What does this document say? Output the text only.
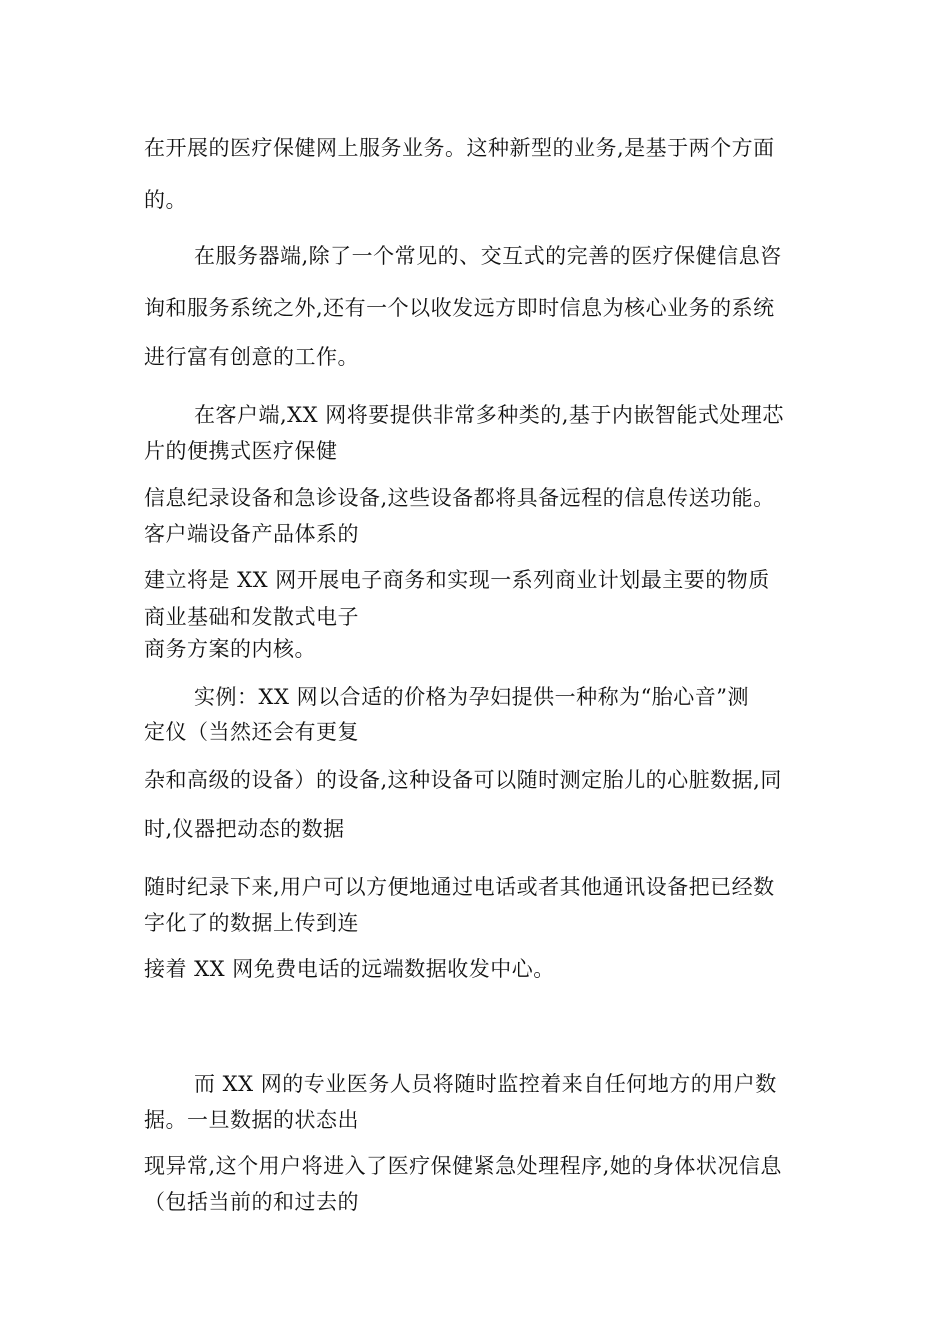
在开展的医疗保健网上服务业务。这种新型的业务,是基于两个方面
的。
在服务器端,除了一个常见的、交互式的完善的医疗保健信息咨
询和服务系统之外,还有一个以收发远方即时信息为核心业务的系统
进行富有创意的工作。
在客户端,XX 网将要提供非常多种类的,基于内嵌智能式处理芯
片的便携式医疗保健
信息纪录设备和急诊设备,这些设备都将具备远程的信息传送功能。
客户端设备产品体系的
建立将是 XX 网开展电子商务和实现一系列商业计划最主要的物质
商业基础和发散式电子
商务方案的内核。
实例：XX 网以合适的价格为孕妇提供一种称为“胎心音”测
定仪（当然还会有更复
杂和高级的设备）的设备,这种设备可以随时测定胎儿的心脏数据,同
时,仪器把动态的数据
随时纪录下来,用户可以方便地通过电话或者其他通讯设备把已经数
字化了的数据上传到连
接着 XX 网免费电话的远端数据收发中心。
而 XX 网的专业医务人员将随时监控着来自任何地方的用户数
据。一旦数据的状态出
现异常,这个用户将进入了医疗保健紧急处理程序,她的身体状况信息
（包括当前的和过去的
